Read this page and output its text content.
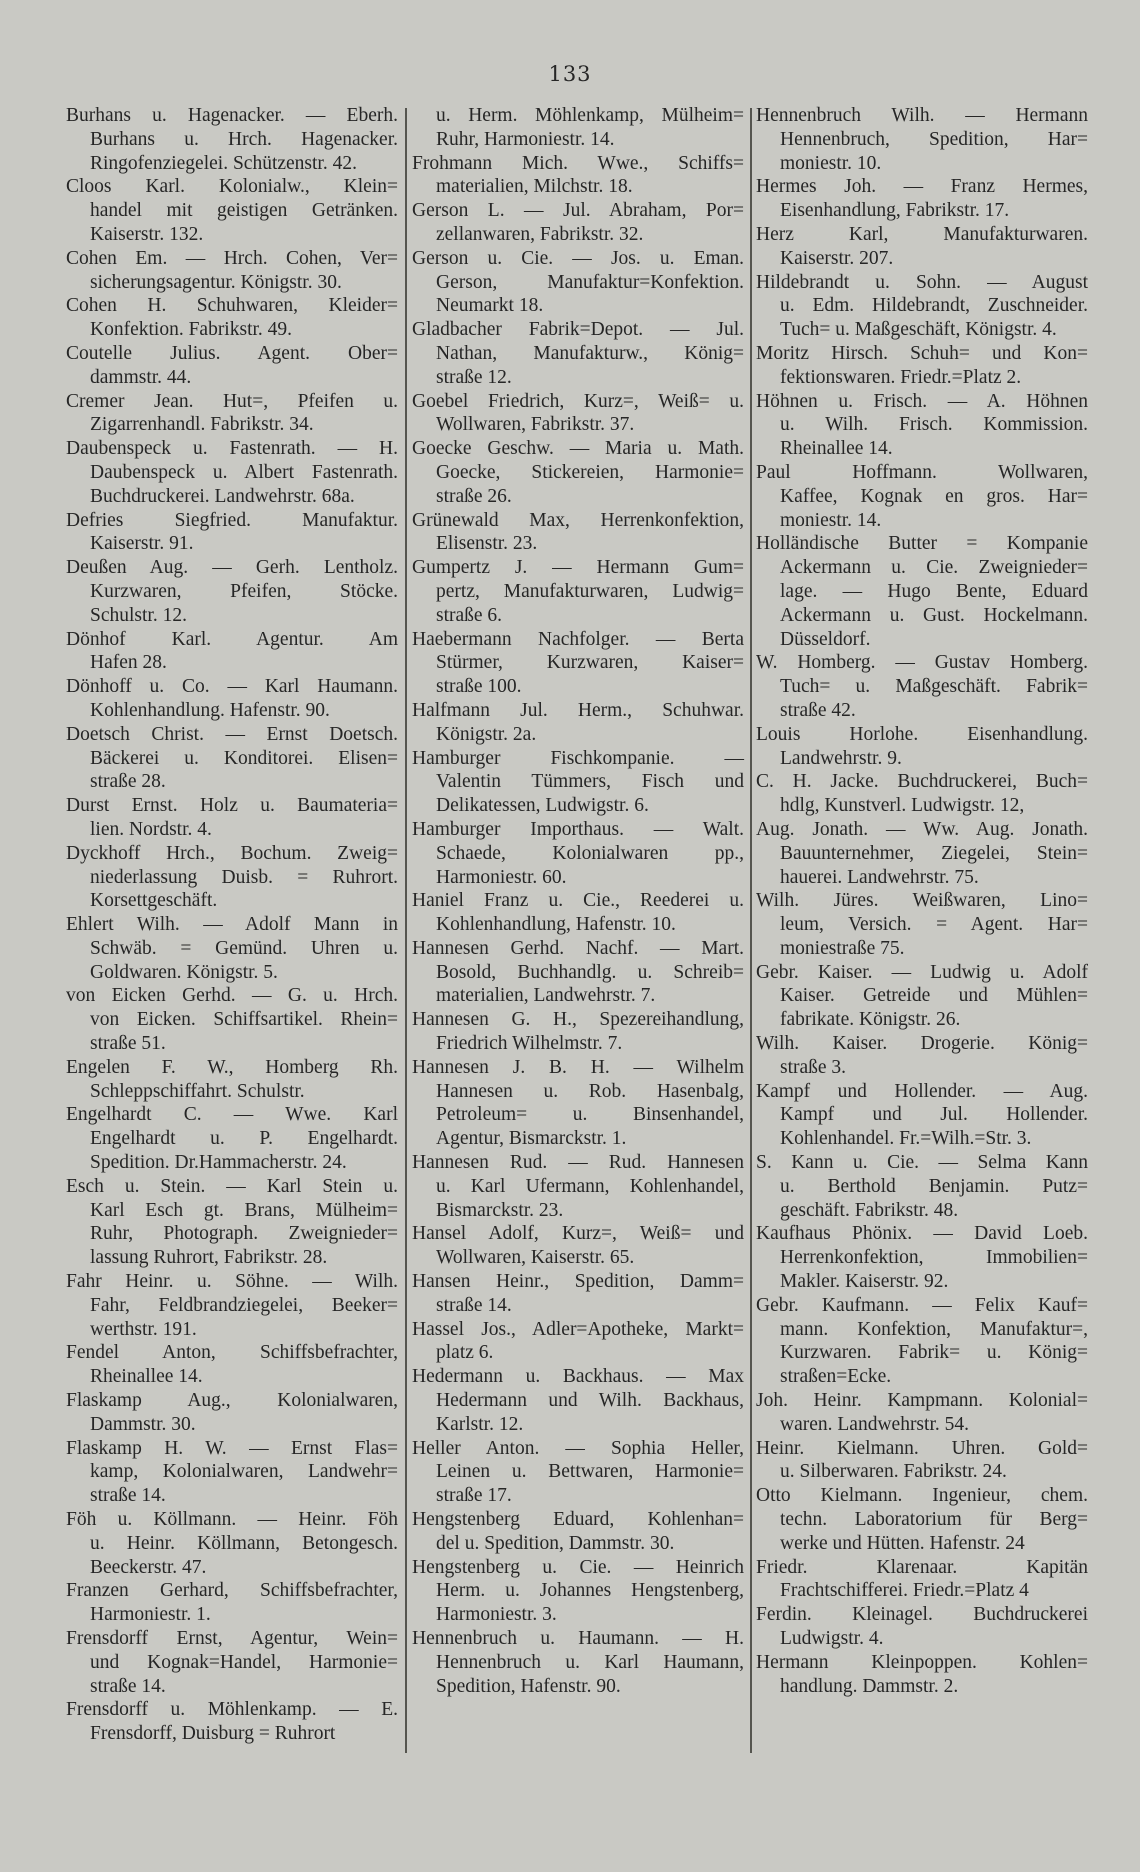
133
Burhans u. Hagenacker. — Eberh.
Burhans u. Hrch. Hagenacker.
Ringofenziegelei. Schützenstr. 42.
Cloos Karl. Kolonialw., Klein=
handel mit geistigen Getränken.
Kaiserstr. 132.
Cohen Em. — Hrch. Cohen, Ver=
sicherungsagentur. Königstr. 30.
Cohen H. Schuhwaren, Kleider=
Konfektion. Fabrikstr. 49.
Coutelle Julius. Agent. Ober=
dammstr. 44.
Cremer Jean. Hut=, Pfeifen u.
Zigarrenhandl. Fabrikstr. 34.
Daubenspeck u. Fastenrath. — H.
Daubenspeck u. Albert Fastenrath.
Buchdruckerei. Landwehrstr. 68a.
Defries Siegfried. Manufaktur.
Kaiserstr. 91.
Deußen Aug. — Gerh. Lentholz.
Kurzwaren, Pfeifen, Stöcke.
Schulstr. 12.
Dönhof Karl. Agentur. Am
Hafen 28.
Dönhoff u. Co. — Karl Haumann.
Kohlenhandlung. Hafenstr. 90.
Doetsch Christ. — Ernst Doetsch.
Bäckerei u. Konditorei. Elisen=
straße 28.
Durst Ernst. Holz u. Baumateria=
lien. Nordstr. 4.
Dyckhoff Hrch., Bochum. Zweig=
niederlassung Duisb. = Ruhrort.
Korsettgeschäft.
Ehlert Wilh. — Adolf Mann in
Schwäb. = Gemünd. Uhren u.
Goldwaren. Königstr. 5.
von Eicken Gerhd. — G. u. Hrch.
von Eicken. Schiffsartikel. Rhein=
straße 51.
Engelen F. W., Homberg Rh.
Schleppschiffahrt. Schulstr.
Engelhardt C. — Wwe. Karl
Engelhardt u. P. Engelhardt.
Spedition. Dr.Hammacherstr. 24.
Esch u. Stein. — Karl Stein u.
Karl Esch gt. Brans, Mülheim=
Ruhr, Photograph. Zweignieder=
lassung Ruhrort, Fabrikstr. 28.
Fahr Heinr. u. Söhne. — Wilh.
Fahr, Feldbrandziegelei, Beeker=
werthstr. 191.
Fendel Anton, Schiffsbefrachter,
Rheinallee 14.
Flaskamp Aug., Kolonialwaren,
Dammstr. 30.
Flaskamp H. W. — Ernst Flas=
kamp, Kolonialwaren, Landwehr=
straße 14.
Föh u. Köllmann. — Heinr. Föh
u. Heinr. Köllmann, Betongesch.
Beeckerstr. 47.
Franzen Gerhard, Schiffsbefrachter,
Harmoniestr. 1.
Frensdorff Ernst, Agentur, Wein=
und Kognak=Handel, Harmonie=
straße 14.
Frensdorff u. Möhlenkamp. — E.
Frensdorff, Duisburg = Ruhrort
u. Herm. Möhlenkamp, Mülheim=
Ruhr, Harmoniestr. 14.
Frohmann Mich. Wwe., Schiffs=
materialien, Milchstr. 18.
Gerson L. — Jul. Abraham, Por=
zellanwaren, Fabrikstr. 32.
Gerson u. Cie. — Jos. u. Eman.
Gerson, Manufaktur=Konfektion.
Neumarkt 18.
Gladbacher Fabrik=Depot. — Jul.
Nathan, Manufakturw., König=
straße 12.
Goebel Friedrich, Kurz=, Weiß= u.
Wollwaren, Fabrikstr. 37.
Goecke Geschw. — Maria u. Math.
Goecke, Stickereien, Harmonie=
straße 26.
Grünewald Max, Herrenkonfektion,
Elisenstr. 23.
Gumpertz J. — Hermann Gum=
pertz, Manufakturwaren, Ludwig=
straße 6.
Haebermann Nachfolger. — Berta
Stürmer, Kurzwaren, Kaiser=
straße 100.
Halfmann Jul. Herm., Schuhwar.
Königstr. 2a.
Hamburger Fischkompanie. —
Valentin Tümmers, Fisch und
Delikatessen, Ludwigstr. 6.
Hamburger Importhaus. — Walt.
Schaede, Kolonialwaren pp.,
Harmoniestr. 60.
Haniel Franz u. Cie., Reederei u.
Kohlenhandlung, Hafenstr. 10.
Hannesen Gerhd. Nachf. — Mart.
Bosold, Buchhandlg. u. Schreib=
materialien, Landwehrstr. 7.
Hannesen G. H., Spezereihandlung,
Friedrich Wilhelmstr. 7.
Hannesen J. B. H. — Wilhelm
Hannesen u. Rob. Hasenbalg,
Petroleum= u. Binsenhandel,
Agentur, Bismarckstr. 1.
Hannesen Rud. — Rud. Hannesen
u. Karl Ufermann, Kohlenhandel,
Bismarckstr. 23.
Hansel Adolf, Kurz=, Weiß= und
Wollwaren, Kaiserstr. 65.
Hansen Heinr., Spedition, Damm=
straße 14.
Hassel Jos., Adler=Apotheke, Markt=
platz 6.
Hedermann u. Backhaus. — Max
Hedermann und Wilh. Backhaus,
Karlstr. 12.
Heller Anton. — Sophia Heller,
Leinen u. Bettwaren, Harmonie=
straße 17.
Hengstenberg Eduard, Kohlenhan=
del u. Spedition, Dammstr. 30.
Hengstenberg u. Cie. — Heinrich
Herm. u. Johannes Hengstenberg,
Harmoniestr. 3.
Hennenbruch u. Haumann. — H.
Hennenbruch u. Karl Haumann,
Spedition, Hafenstr. 90.
Hennenbruch Wilh. — Hermann
Hennenbruch, Spedition, Har=
moniestr. 10.
Hermes Joh. — Franz Hermes,
Eisenhandlung, Fabrikstr. 17.
Herz Karl, Manufakturwaren.
Kaiserstr. 207.
Hildebrandt u. Sohn. — August
u. Edm. Hildebrandt, Zuschneider.
Tuch= u. Maßgeschäft, Königstr. 4.
Moritz Hirsch. Schuh= und Kon=
fektionswaren. Friedr.=Platz 2.
Höhnen u. Frisch. — A. Höhnen
u. Wilh. Frisch. Kommission.
Rheinallee 14.
Paul Hoffmann. Wollwaren,
Kaffee, Kognak en gros. Har=
moniestr. 14.
Holländische Butter = Kompanie
Ackermann u. Cie. Zweignieder=
lage. — Hugo Bente, Eduard
Ackermann u. Gust. Hockelmann.
Düsseldorf.
W. Homberg. — Gustav Homberg.
Tuch= u. Maßgeschäft. Fabrik=
straße 42.
Louis Horlohe. Eisenhandlung.
Landwehrstr. 9.
C. H. Jacke. Buchdruckerei, Buch=
hdlg, Kunstverl. Ludwigstr. 12,
Aug. Jonath. — Ww. Aug. Jonath.
Bauunternehmer, Ziegelei, Stein=
hauerei. Landwehrstr. 75.
Wilh. Jüres. Weißwaren, Lino=
leum, Versich. = Agent. Har=
moniestraße 75.
Gebr. Kaiser. — Ludwig u. Adolf
Kaiser. Getreide und Mühlen=
fabrikate. Königstr. 26.
Wilh. Kaiser. Drogerie. König=
straße 3.
Kampf und Hollender. — Aug.
Kampf und Jul. Hollender.
Kohlenhandel. Fr.=Wilh.=Str. 3.
S. Kann u. Cie. — Selma Kann
u. Berthold Benjamin. Putz=
geschäft. Fabrikstr. 48.
Kaufhaus Phönix. — David Loeb.
Herrenkonfektion, Immobilien=
Makler. Kaiserstr. 92.
Gebr. Kaufmann. — Felix Kauf=
mann. Konfektion, Manufaktur=,
Kurzwaren. Fabrik= u. König=
straßen=Ecke.
Joh. Heinr. Kampmann. Kolonial=
waren. Landwehrstr. 54.
Heinr. Kielmann. Uhren. Gold=
u. Silberwaren. Fabrikstr. 24.
Otto Kielmann. Ingenieur, chem.
techn. Laboratorium für Berg=
werke und Hütten. Hafenstr. 24
Friedr. Klarenaar. Kapitän
Frachtschifferei. Friedr.=Platz 4
Ferdin. Kleinagel. Buchdruckerei
Ludwigstr. 4.
Hermann Kleinpoppen. Kohlen=
handlung. Dammstr. 2.
